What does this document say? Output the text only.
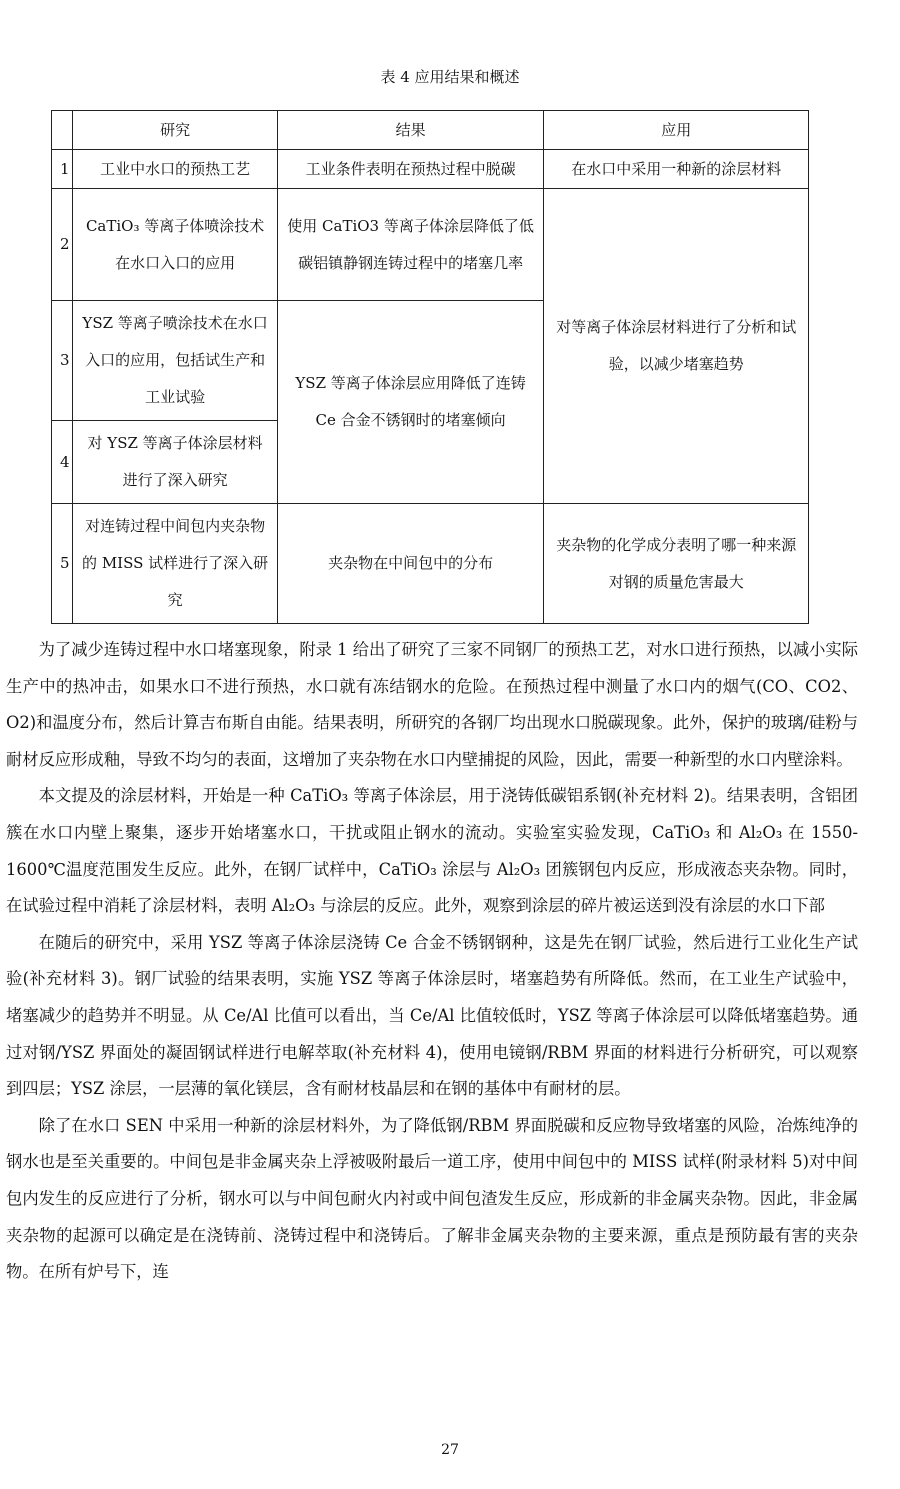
表 4 应用结果和概述
	研究	结果	应用
1	工业中水口的预热工艺	工业条件表明在预热过程中脱碳	在水口中采用一种新的涂层材料
2	CaTiO₃ 等离子体喷涂技术在水口入口的应用	使用 CaTiO3 等离子体涂层降低了低碳铝镇静钢连铸过程中的堵塞几率	对等离子体涂层材料进行了分析和试验，以减少堵塞趋势
3	YSZ 等离子喷涂技术在水口入口的应用，包括试生产和工业试验	YSZ 等离子体涂层应用降低了连铸 Ce 合金不锈钢时的堵塞倾向	
4	对 YSZ 等离子体涂层材料进行了深入研究		
5	对连铸过程中间包内夹杂物的 MISS 试样进行了深入研究	夹杂物在中间包中的分布	夹杂物的化学成分表明了哪一种来源对钢的质量危害最大

为了减少连铸过程中水口堵塞现象，附录 1 给出了研究了三家不同钢厂的预热工艺，对水口进行预热，以减小实际生产中的热冲击，如果水口不进行预热，水口就有冻结钢水的危险。在预热过程中测量了水口内的烟气(CO、CO2、O2)和温度分布，然后计算吉布斯自由能。结果表明，所研究的各钢厂均出现水口脱碳现象。此外，保护的玻璃/硅粉与耐材反应形成釉，导致不均匀的表面，这增加了夹杂物在水口内壁捕捉的风险，因此，需要一种新型的水口内壁涂料。

本文提及的涂层材料，开始是一种 CaTiO₃ 等离子体涂层，用于浇铸低碳铝系钢(补充材料 2)。结果表明，含铝团簇在水口内壁上聚集，逐步开始堵塞水口，干扰或阻止钢水的流动。实验室实验发现，CaTiO₃ 和 Al₂O₃ 在 1550-1600℃温度范围发生反应。此外，在钢厂试样中，CaTiO₃ 涂层与 Al₂O₃ 团簇钢包内反应，形成液态夹杂物。同时，在试验过程中消耗了涂层材料，表明 Al₂O₃ 与涂层的反应。此外，观察到涂层的碎片被运送到没有涂层的水口下部

在随后的研究中，采用 YSZ 等离子体涂层浇铸 Ce 合金不锈钢钢种，这是先在钢厂试验，然后进行工业化生产试验(补充材料 3)。钢厂试验的结果表明，实施 YSZ 等离子体涂层时，堵塞趋势有所降低。然而，在工业生产试验中，堵塞减少的趋势并不明显。从 Ce/Al 比值可以看出，当 Ce/Al 比值较低时，YSZ 等离子体涂层可以降低堵塞趋势。通过对钢/YSZ 界面处的凝固钢试样进行电解萃取(补充材料 4)，使用电镜钢/RBM 界面的材料进行分析研究，可以观察到四层；YSZ 涂层，一层薄的氧化镁层，含有耐材枝晶层和在钢的基体中有耐材的层。

除了在水口 SEN 中采用一种新的涂层材料外，为了降低钢/RBM 界面脱碳和反应物导致堵塞的风险，冶炼纯净的钢水也是至关重要的。中间包是非金属夹杂上浮被吸附最后一道工序，使用中间包中的 MISS 试样(附录材料 5)对中间包内发生的反应进行了分析，钢水可以与中间包耐火内衬或中间包渣发生反应，形成新的非金属夹杂物。因此，非金属夹杂物的起源可以确定是在浇铸前、浇铸过程中和浇铸后。了解非金属夹杂物的主要来源，重点是预防最有害的夹杂物。在所有炉号下，连

27
